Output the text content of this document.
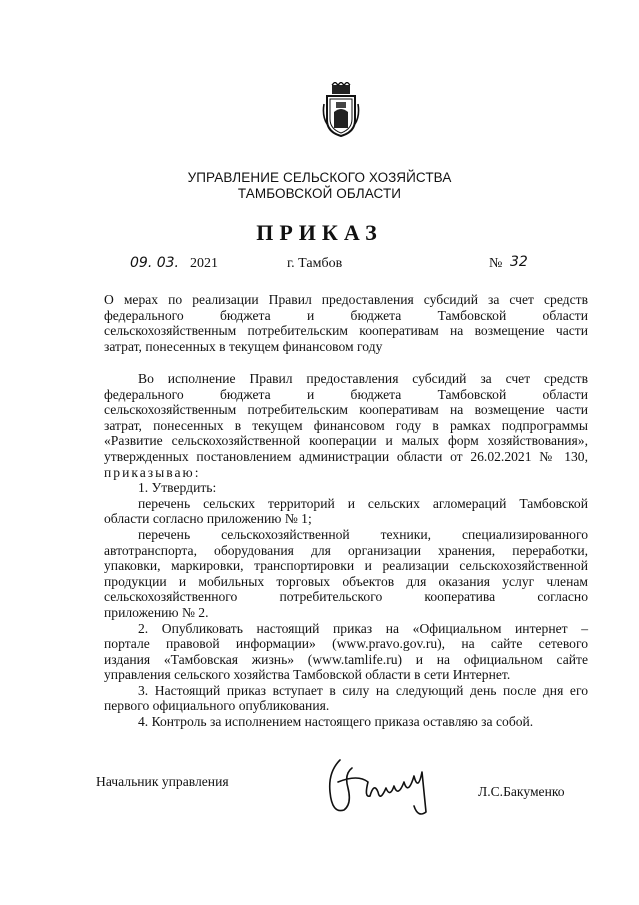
УПРАВЛЕНИЕ СЕЛЬСКОГО ХОЗЯЙСТВА

ТАМБОВСКОЙ ОБЛАСТИ

ПРИКАЗ

09. 03. 2021	г. Тамбов	№ 32
О мерах по реализации Правил предоставления субсидий за счет средств
федерального бюджета и бюджета Тамбовской области
сельскохозяйственным потребительским кооперативам на возмещение части
затрат, понесенных в текущем финансовом году
Во исполнение Правил предоставления субсидий за счет средств
федерального бюджета и бюджета Тамбовской области
сельскохозяйственным потребительским кооперативам на возмещение части
затрат, понесенных в текущем финансовом году в рамках подпрограммы
«Развитие сельскохозяйственной кооперации и малых форм хозяйствования»,
утвержденных постановлением администрации области от 26.02.2021 № 130,
приказываю:
1. Утвердить:
перечень сельских территорий и сельских агломераций Тамбовской
области согласно приложению № 1;
перечень сельскохозяйственной техники, специализированного
автотранспорта, оборудования для организации хранения, переработки,
упаковки, маркировки, транспортировки и реализации сельскохозяйственной
продукции и мобильных торговых объектов для оказания услуг членам
сельскохозяйственного потребительского кооператива согласно
приложению № 2.
2. Опубликовать настоящий приказ на «Официальном интернет –
портале правовой информации» (www.pravo.gov.ru), на сайте сетевого
издания «Тамбовская жизнь» (www.tamlife.ru) и на официальном сайте
управления сельского хозяйства Тамбовской области в сети Интернет.
3. Настоящий приказ вступает в силу на следующий день после дня его
первого официального опубликования.
4. Контроль за исполнением настоящего приказа оставляю за собой.
Начальник управления
Л.С.Бакуменко
